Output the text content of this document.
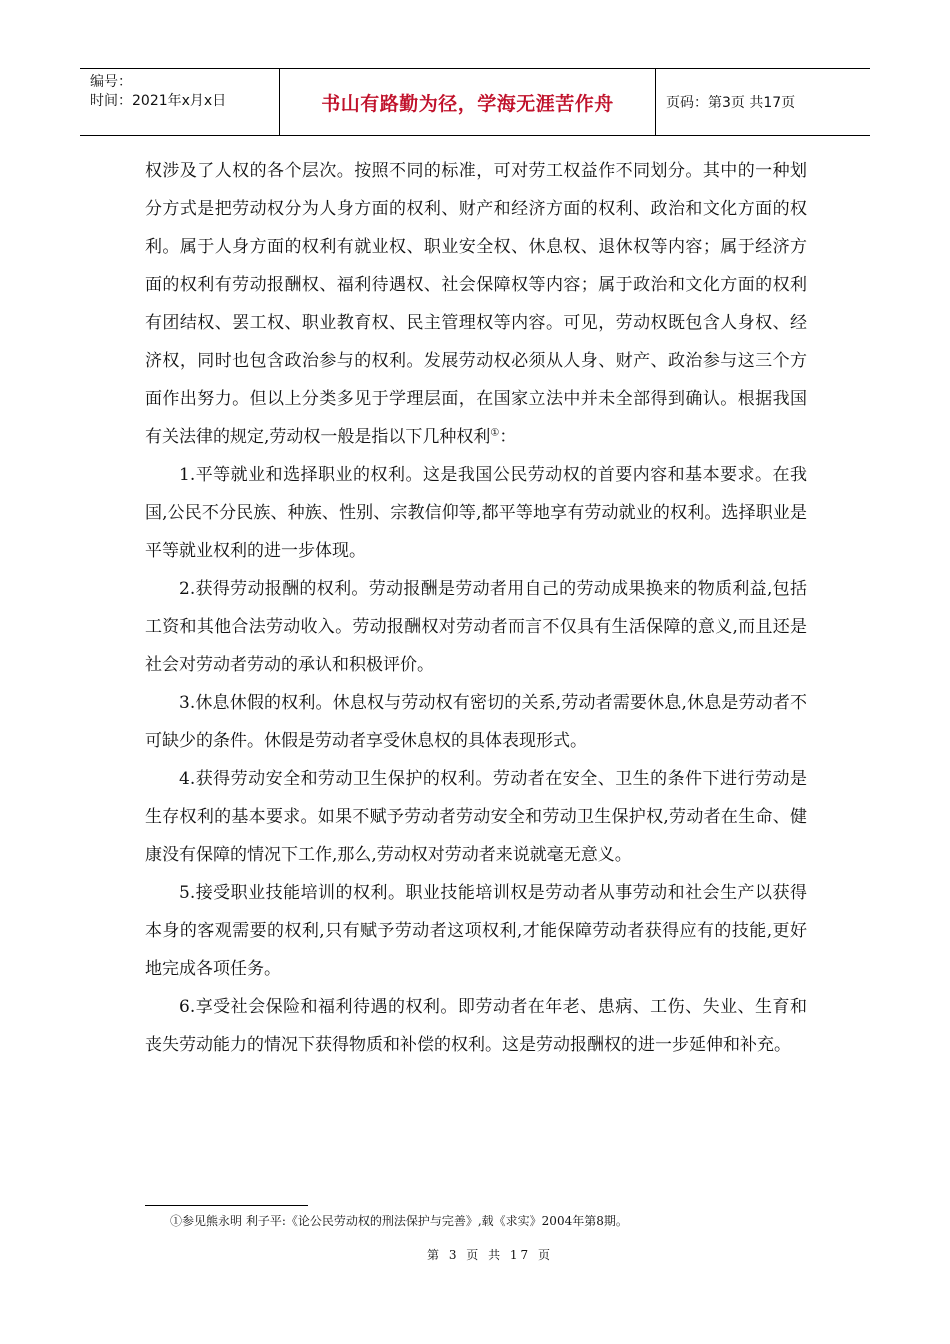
编号：
时间：2021年x月x日	书山有路勤为径，学海无涯苦作舟	页码：第3页 共17页

权涉及了人权的各个层次。按照不同的标准，可对劳工权益作不同划分。其中的一种划分方式是把劳动权分为人身方面的权利、财产和经济方面的权利、政治和文化方面的权利。属于人身方面的权利有就业权、职业安全权、休息权、退休权等内容；属于经济方面的权利有劳动报酬权、福利待遇权、社会保障权等内容；属于政治和文化方面的权利有团结权、罢工权、职业教育权、民主管理权等内容。可见，劳动权既包含人身权、经济权，同时也包含政治参与的权利。发展劳动权必须从人身、财产、政治参与这三个方面作出努力。但以上分类多见于学理层面，在国家立法中并未全部得到确认。根据我国有关法律的规定,劳动权一般是指以下几种权利①：

1.平等就业和选择职业的权利。这是我国公民劳动权的首要内容和基本要求。在我国,公民不分民族、种族、性别、宗教信仰等,都平等地享有劳动就业的权利。选择职业是平等就业权利的进一步体现。

2.获得劳动报酬的权利。劳动报酬是劳动者用自己的劳动成果换来的物质利益,包括工资和其他合法劳动收入。劳动报酬权对劳动者而言不仅具有生活保障的意义,而且还是社会对劳动者劳动的承认和积极评价。

3.休息休假的权利。休息权与劳动权有密切的关系,劳动者需要休息,休息是劳动者不可缺少的条件。休假是劳动者享受休息权的具体表现形式。

4.获得劳动安全和劳动卫生保护的权利。劳动者在安全、卫生的条件下进行劳动是生存权利的基本要求。如果不赋予劳动者劳动安全和劳动卫生保护权,劳动者在生命、健康没有保障的情况下工作,那么,劳动权对劳动者来说就毫无意义。

5.接受职业技能培训的权利。职业技能培训权是劳动者从事劳动和社会生产以获得本身的客观需要的权利,只有赋予劳动者这项权利,才能保障劳动者获得应有的技能,更好地完成各项任务。

6.享受社会保险和福利待遇的权利。即劳动者在年老、患病、工伤、失业、生育和丧失劳动能力的情况下获得物质和补偿的权利。这是劳动报酬权的进一步延伸和补充。

①参见熊永明 利子平:《论公民劳动权的刑法保护与完善》,载《求实》2004年第8期。
第 3 页 共 17 页
